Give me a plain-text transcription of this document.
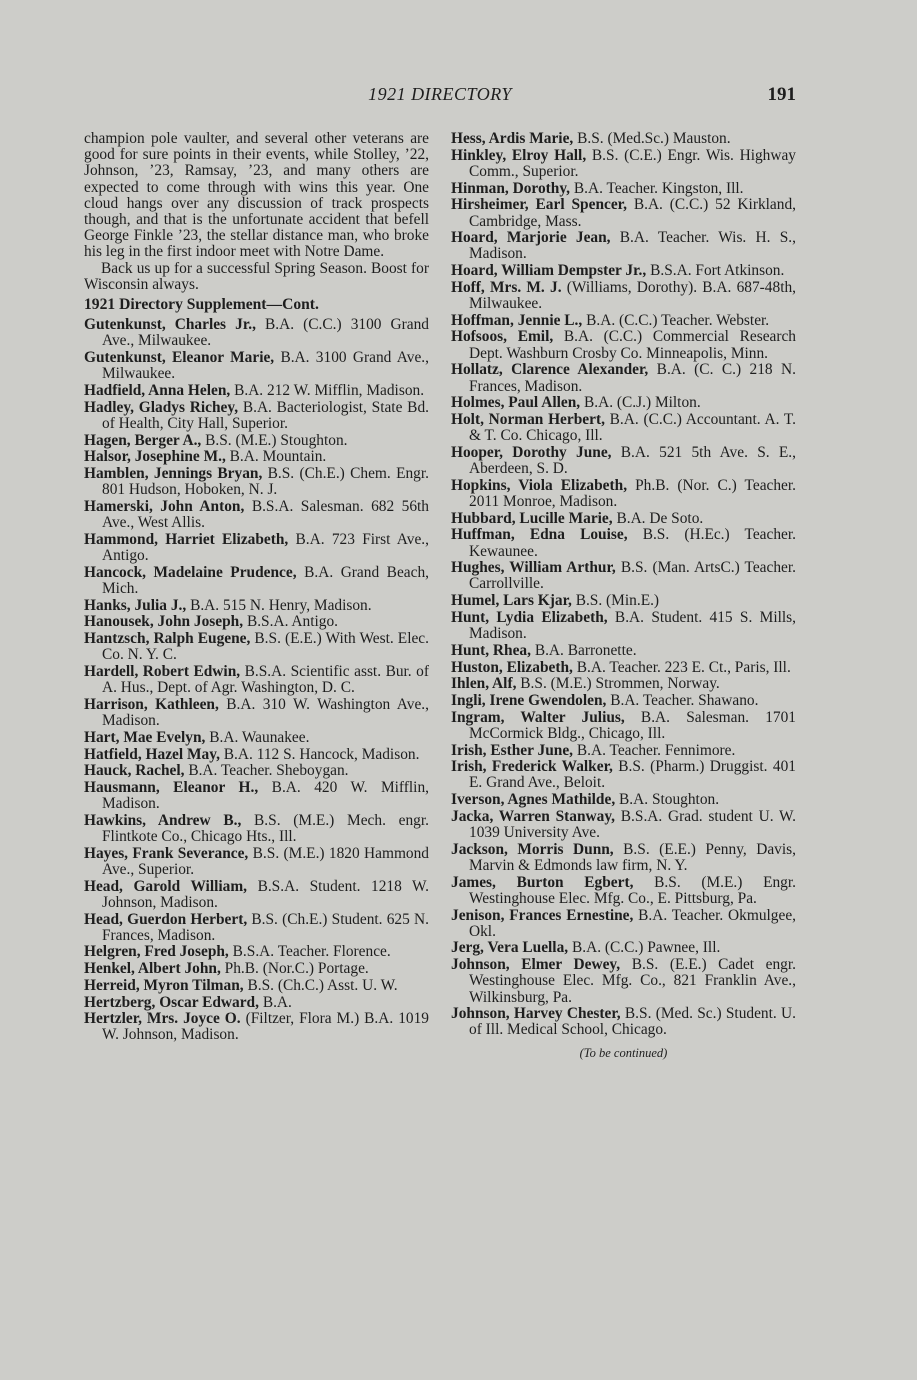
1921 DIRECTORY	191

champion pole vaulter, and several other veterans are good for sure points in their events, while Stolley, ’22, Johnson, ’23, Ramsay, ’23, and many others are expected to come through with wins this year. One cloud hangs over any discussion of track prospects though, and that is the unfortunate accident that befell George Finkle ’23, the stellar distance man, who broke his leg in the first indoor meet with Notre Dame.

Back us up for a successful Spring Season. Boost for Wisconsin always.

1921 Directory Supplement—Cont.
Gutenkunst, Charles Jr., B.A. (C.C.) 3100 Grand Ave., Milwaukee.
Gutenkunst, Eleanor Marie, B.A. 3100 Grand Ave., Milwaukee.
Hadfield, Anna Helen, B.A. 212 W. Mifflin, Madison.
Hadley, Gladys Richey, B.A. Bacteriologist, State Bd. of Health, City Hall, Superior.
Hagen, Berger A., B.S. (M.E.) Stoughton.
Halsor, Josephine M., B.A. Mountain.
Hamblen, Jennings Bryan, B.S. (Ch.E.) Chem. Engr. 801 Hudson, Hoboken, N. J.
Hamerski, John Anton, B.S.A. Salesman. 682 56th Ave., West Allis.
Hammond, Harriet Elizabeth, B.A. 723 First Ave., Antigo.
Hancock, Madelaine Prudence, B.A. Grand Beach, Mich.
Hanks, Julia J., B.A. 515 N. Henry, Madison.
Hanousek, John Joseph, B.S.A. Antigo.
Hantzsch, Ralph Eugene, B.S. (E.E.) With West. Elec. Co. N. Y. C.
Hardell, Robert Edwin, B.S.A. Scientific asst. Bur. of A. Hus., Dept. of Agr. Washington, D. C.
Harrison, Kathleen, B.A. 310 W. Washington Ave., Madison.
Hart, Mae Evelyn, B.A. Waunakee.
Hatfield, Hazel May, B.A. 112 S. Hancock, Madison.
Hauck, Rachel, B.A. Teacher. Sheboygan.
Hausmann, Eleanor H., B.A. 420 W. Mifflin, Madison.
Hawkins, Andrew B., B.S. (M.E.) Mech. engr. Flintkote Co., Chicago Hts., Ill.
Hayes, Frank Severance, B.S. (M.E.) 1820 Hammond Ave., Superior.
Head, Garold William, B.S.A. Student. 1218 W. Johnson, Madison.
Head, Guerdon Herbert, B.S. (Ch.E.) Student. 625 N. Frances, Madison.
Helgren, Fred Joseph, B.S.A. Teacher. Florence.
Henkel, Albert John, Ph.B. (Nor.C.) Portage.
Herreid, Myron Tilman, B.S. (Ch.C.) Asst. U. W.
Hertzberg, Oscar Edward, B.A.
Hertzler, Mrs. Joyce O. (Filtzer, Flora M.) B.A. 1019 W. Johnson, Madison.
Hess, Ardis Marie, B.S. (Med.Sc.) Mauston.
Hinkley, Elroy Hall, B.S. (C.E.) Engr. Wis. Highway Comm., Superior.
Hinman, Dorothy, B.A. Teacher. Kingston, Ill.
Hirsheimer, Earl Spencer, B.A. (C.C.) 52 Kirkland, Cambridge, Mass.
Hoard, Marjorie Jean, B.A. Teacher. Wis. H. S., Madison.
Hoard, William Dempster Jr., B.S.A. Fort Atkinson.
Hoff, Mrs. M. J. (Williams, Dorothy). B.A. 687-48th, Milwaukee.
Hoffman, Jennie L., B.A. (C.C.) Teacher. Webster.
Hofsoos, Emil, B.A. (C.C.) Commercial Research Dept. Washburn Crosby Co. Minneapolis, Minn.
Hollatz, Clarence Alexander, B.A. (C. C.) 218 N. Frances, Madison.
Holmes, Paul Allen, B.A. (C.J.) Milton.
Holt, Norman Herbert, B.A. (C.C.) Accountant. A. T. & T. Co. Chicago, Ill.
Hooper, Dorothy June, B.A. 521 5th Ave. S. E., Aberdeen, S. D.
Hopkins, Viola Elizabeth, Ph.B. (Nor. C.) Teacher. 2011 Monroe, Madison.
Hubbard, Lucille Marie, B.A. De Soto.
Huffman, Edna Louise, B.S. (H.Ec.) Teacher. Kewaunee.
Hughes, William Arthur, B.S. (Man. ArtsC.) Teacher. Carrollville.
Humel, Lars Kjar, B.S. (Min.E.)
Hunt, Lydia Elizabeth, B.A. Student. 415 S. Mills, Madison.
Hunt, Rhea, B.A. Barronette.
Huston, Elizabeth, B.A. Teacher. 223 E. Ct., Paris, Ill.
Ihlen, Alf, B.S. (M.E.) Strommen, Norway.
Ingli, Irene Gwendolen, B.A. Teacher. Shawano.
Ingram, Walter Julius, B.A. Salesman. 1701 McCormick Bldg., Chicago, Ill.
Irish, Esther June, B.A. Teacher. Fennimore.
Irish, Frederick Walker, B.S. (Pharm.) Druggist. 401 E. Grand Ave., Beloit.
Iverson, Agnes Mathilde, B.A. Stoughton.
Jacka, Warren Stanway, B.S.A. Grad. student U. W. 1039 University Ave.
Jackson, Morris Dunn, B.S. (E.E.) Penny, Davis, Marvin & Edmonds law firm, N. Y.
James, Burton Egbert, B.S. (M.E.) Engr. Westinghouse Elec. Mfg. Co., E. Pittsburg, Pa.
Jenison, Frances Ernestine, B.A. Teacher. Okmulgee, Okl.
Jerg, Vera Luella, B.A. (C.C.) Pawnee, Ill.
Johnson, Elmer Dewey, B.S. (E.E.) Cadet engr. Westinghouse Elec. Mfg. Co., 821 Franklin Ave., Wilkinsburg, Pa.
Johnson, Harvey Chester, B.S. (Med. Sc.) Student. U. of Ill. Medical School, Chicago.
(To be continued)
